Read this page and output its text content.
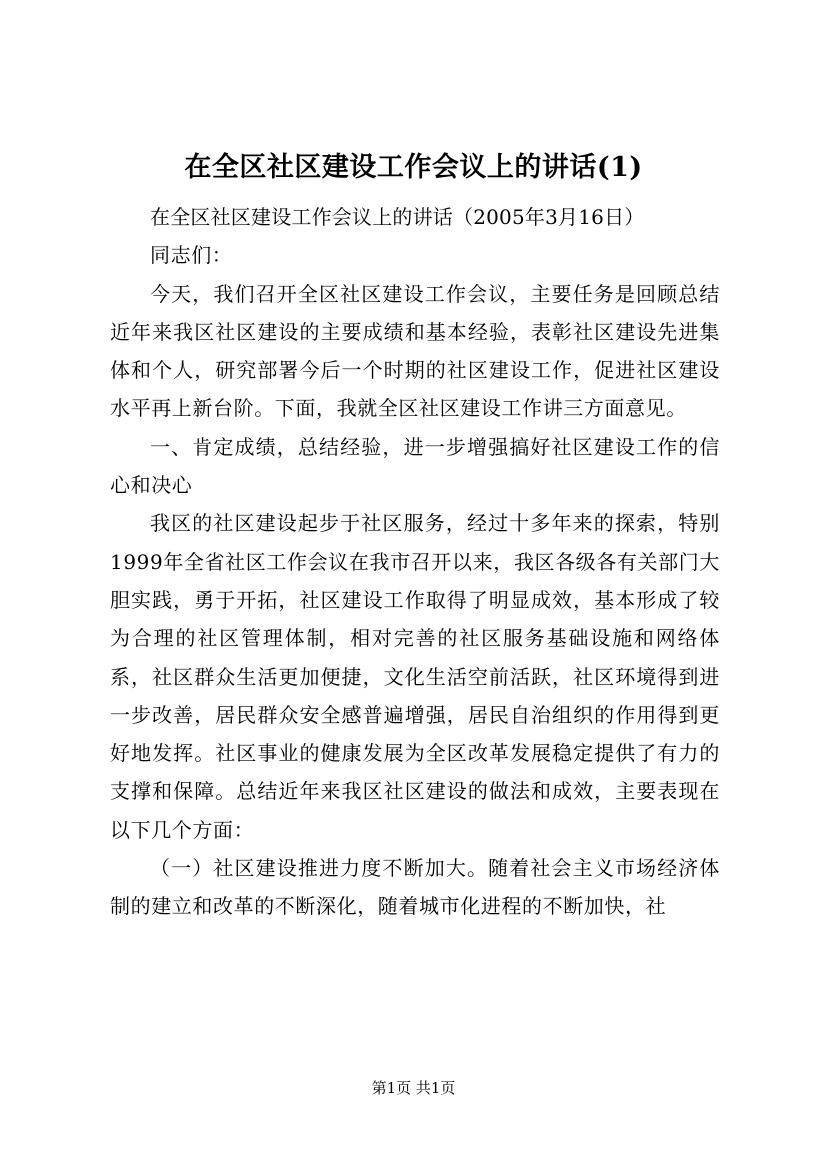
在全区社区建设工作会议上的讲话(1)

在全区社区建设工作会议上的讲话（2005年3月16日）

同志们：

今天，我们召开全区社区建设工作会议，主要任务是回顾总结近年来我区社区建设的主要成绩和基本经验，表彰社区建设先进集体和个人，研究部署今后一个时期的社区建设工作，促进社区建设水平再上新台阶。下面，我就全区社区建设工作讲三方面意见。

一、肯定成绩，总结经验，进一步增强搞好社区建设工作的信心和决心

我区的社区建设起步于社区服务，经过十多年来的探索，特别1999年全省社区工作会议在我市召开以来，我区各级各有关部门大胆实践，勇于开拓，社区建设工作取得了明显成效，基本形成了较为合理的社区管理体制，相对完善的社区服务基础设施和网络体系，社区群众生活更加便捷，文化生活空前活跃，社区环境得到进一步改善，居民群众安全感普遍增强，居民自治组织的作用得到更好地发挥。社区事业的健康发展为全区改革发展稳定提供了有力的支撑和保障。总结近年来我区社区建设的做法和成效，主要表现在以下几个方面：

（一）社区建设推进力度不断加大。随着社会主义市场经济体制的建立和改革的不断深化，随着城市化进程的不断加快，社

第1页 共1页
